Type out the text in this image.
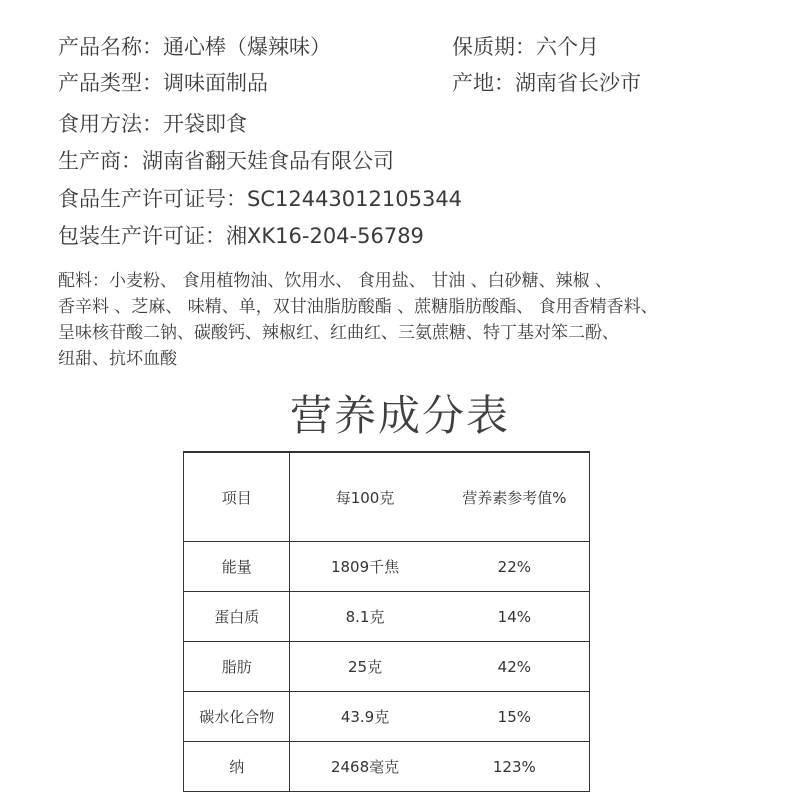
产品名称：通心棒（爆辣味）	保质期：六个月
产品类型：调味面制品	产地：湖南省长沙市
食用方法：开袋即食
生产商：湖南省翻天娃食品有限公司
食品生产许可证号：SC12443012105344
包装生产许可证：湘XK16-204-56789
配料：小麦粉、 食用植物油、饮用水、 食用盐、 甘油 、白砂糖、辣椒 、
香辛料 、芝麻、 味精、单，双甘油脂肪酸酯 、蔗糖脂肪酸酯、 食用香精香料、
呈味核苷酸二钠、碳酸钙、辣椒红、红曲红、三氨蔗糖、特丁基对笨二酚、
纽甜、抗坏血酸
营养成分表
项目	每100克	营养素参考值%
能量	1809千焦	22%
蛋白质	8.1克	14%
脂肪	25克	42%
碳水化合物	43.9克	15%
纳	2468毫克	123%
